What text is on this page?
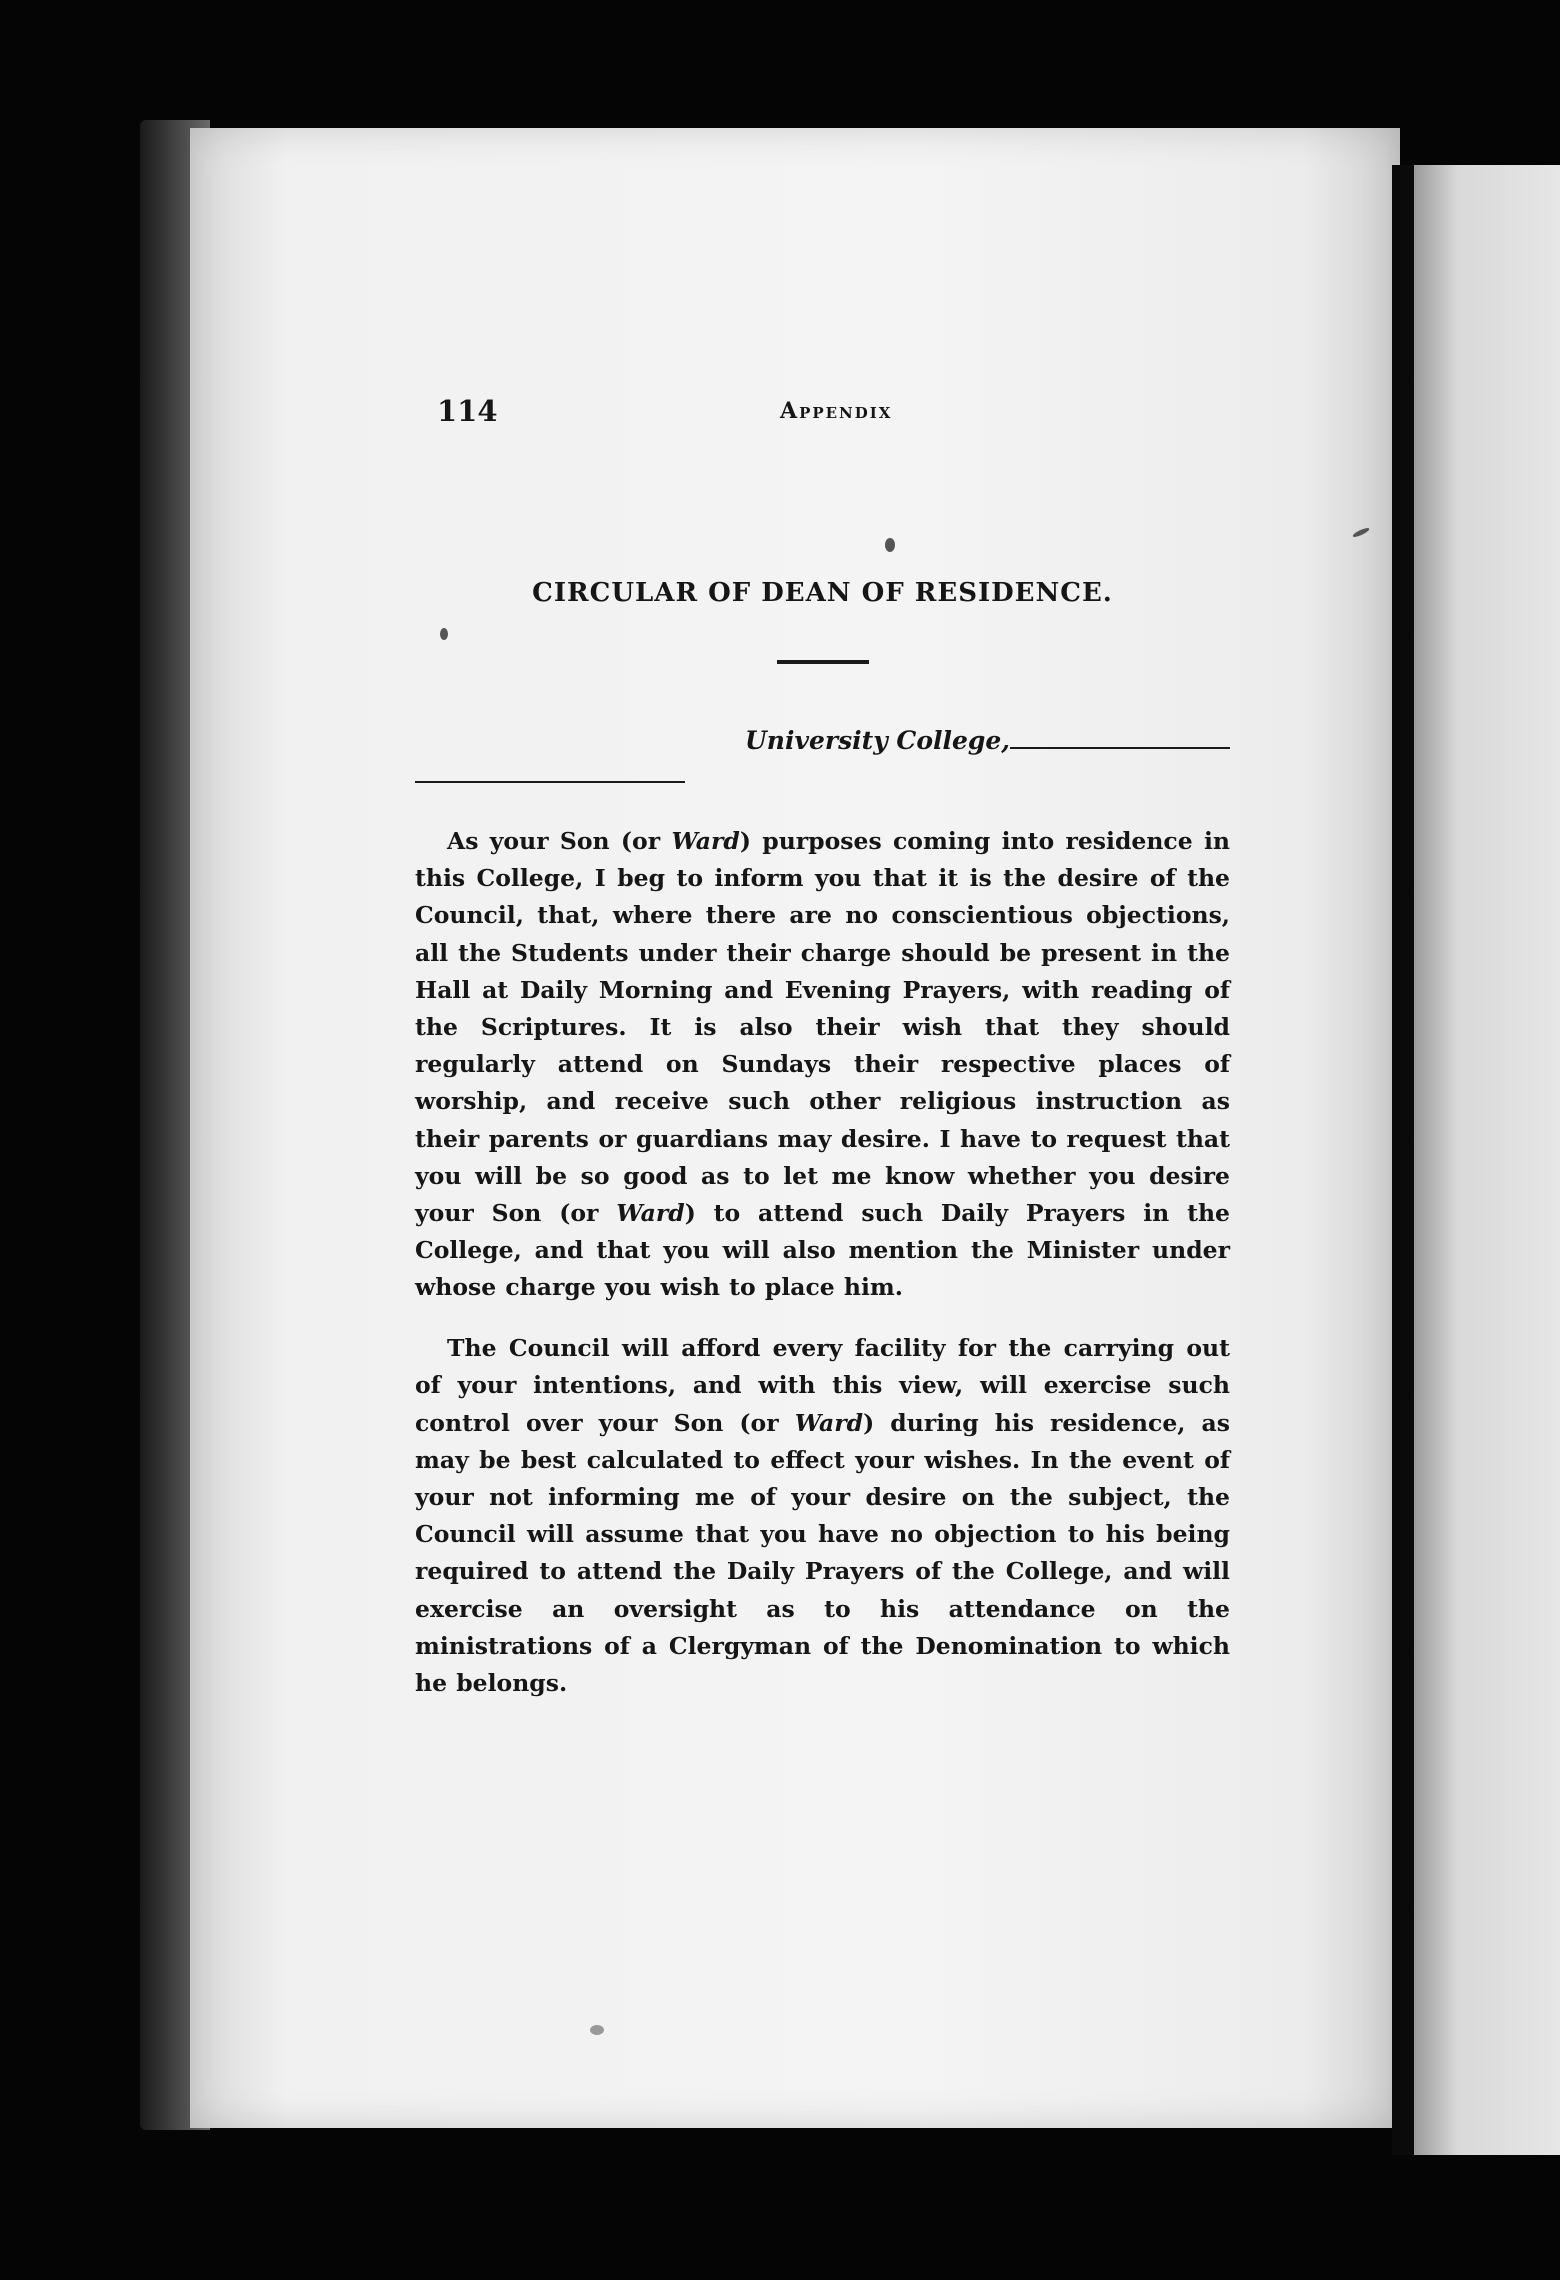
114	Appendix
CIRCULAR OF DEAN OF RESIDENCE.
University College,

As your Son (or Ward) purposes coming into residence in this College, I beg to inform you that it is the desire of the Council, that, where there are no conscientious objections, all the Students under their charge should be present in the Hall at Daily Morning and Evening Prayers, with reading of the Scriptures. It is also their wish that they should regularly attend on Sundays their respective places of worship, and receive such other religious instruction as their parents or guardians may desire. I have to request that you will be so good as to let me know whether you desire your Son (or Ward) to attend such Daily Prayers in the College, and that you will also mention the Minister under whose charge you wish to place him.

The Council will afford every facility for the carrying out of your intentions, and with this view, will exercise such control over your Son (or Ward) during his residence, as may be best calculated to effect your wishes. In the event of your not informing me of your desire on the subject, the Council will assume that you have no objection to his being required to attend the Daily Prayers of the College, and will exercise an oversight as to his attendance on the ministrations of a Clergyman of the Denomination to which he belongs.
